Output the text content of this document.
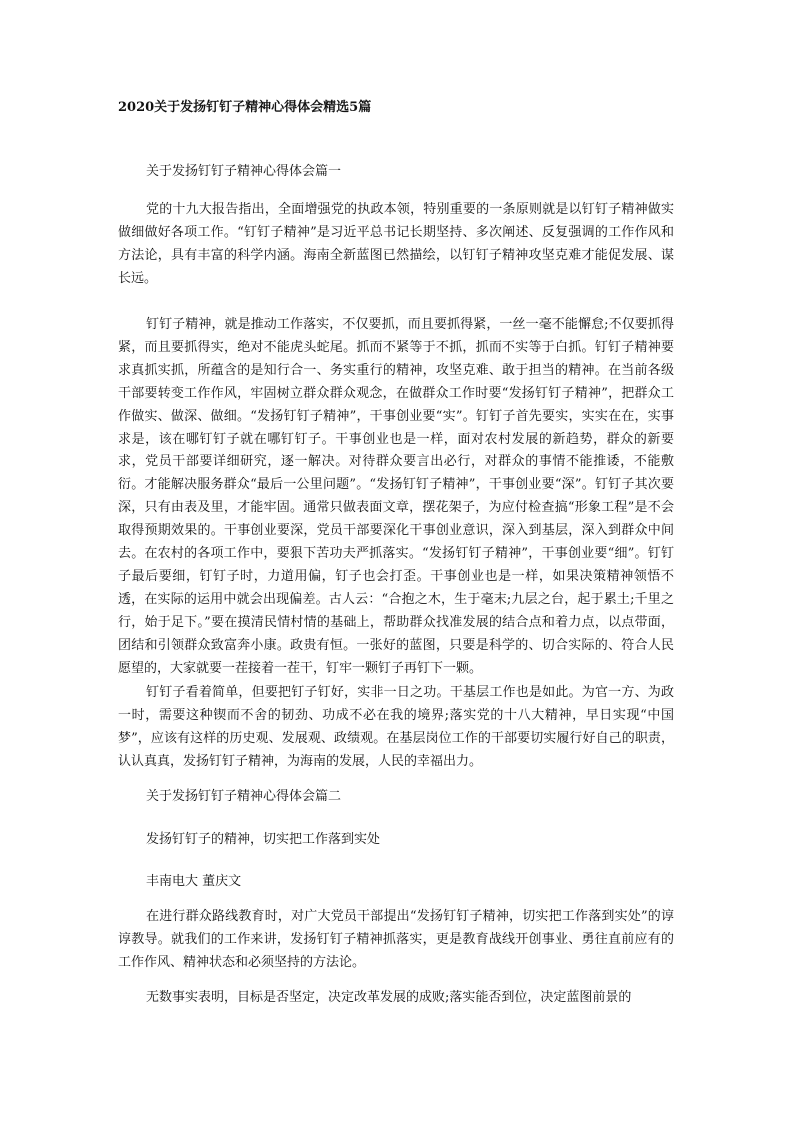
2020关于发扬钉钉子精神心得体会精选5篇
关于发扬钉钉子精神心得体会篇一

党的十九大报告指出，全面增强党的执政本领，特别重要的一条原则就是以钉钉子精神做实做细做好各项工作。“钉钉子精神”是习近平总书记长期坚持、多次阐述、反复强调的工作作风和方法论，具有丰富的科学内涵。海南全新蓝图已然描绘，以钉钉子精神攻坚克难才能促发展、谋长远。

钉钉子精神，就是推动工作落实，不仅要抓，而且要抓得紧，一丝一毫不能懈怠;不仅要抓得紧，而且要抓得实，绝对不能虎头蛇尾。抓而不紧等于不抓，抓而不实等于白抓。钉钉子精神要求真抓实抓，所蕴含的是知行合一、务实重行的精神，攻坚克难、敢于担当的精神。在当前各级干部要转变工作作风，牢固树立群众群众观念，在做群众工作时要“发扬钉钉子精神”，把群众工作做实、做深、做细。“发扬钉钉子精神”，干事创业要“实”。钉钉子首先要实，实实在在，实事求是，该在哪钉钉子就在哪钉钉子。干事创业也是一样，面对农村发展的新趋势，群众的新要求，党员干部要详细研究，逐一解决。对待群众要言出必行，对群众的事情不能推诿，不能敷衍。才能解决服务群众“最后一公里问题”。“发扬钉钉子精神”，干事创业要“深”。钉钉子其次要深，只有由表及里，才能牢固。通常只做表面文章，摆花架子，为应付检查搞“形象工程”是不会取得预期效果的。干事创业要深，党员干部要深化干事创业意识，深入到基层，深入到群众中间去。在农村的各项工作中，要狠下苦功夫严抓落实。“发扬钉钉子精神”，干事创业要“细”。钉钉子最后要细，钉钉子时，力道用偏，钉子也会打歪。干事创业也是一样，如果决策精神领悟不透，在实际的运用中就会出现偏差。古人云：“合抱之木，生于毫末;九层之台，起于累土;千里之行，始于足下。”要在摸清民情村情的基础上，帮助群众找准发展的结合点和着力点，以点带面，团结和引领群众致富奔小康。政贵有恒。一张好的蓝图，只要是科学的、切合实际的、符合人民愿望的，大家就要一茬接着一茬干，钉牢一颗钉子再钉下一颗。

钉钉子看着简单，但要把钉子钉好，实非一日之功。干基层工作也是如此。为官一方、为政一时，需要这种锲而不舍的韧劲、功成不必在我的境界;落实党的十八大精神，早日实现“中国梦”，应该有这样的历史观、发展观、政绩观。在基层岗位工作的干部要切实履行好自己的职责，认认真真，发扬钉钉子精神，为海南的发展，人民的幸福出力。

关于发扬钉钉子精神心得体会篇二
发扬钉钉子的精神，切实把工作落到实处
丰南电大 董庆文

在进行群众路线教育时，对广大党员干部提出“发扬钉钉子精神，切实把工作落到实处”的谆谆教导。就我们的工作来讲，发扬钉钉子精神抓落实，更是教育战线开创事业、勇往直前应有的工作作风、精神状态和必须坚持的方法论。

无数事实表明，目标是否坚定，决定改革发展的成败;落实能否到位，决定蓝图前景的
